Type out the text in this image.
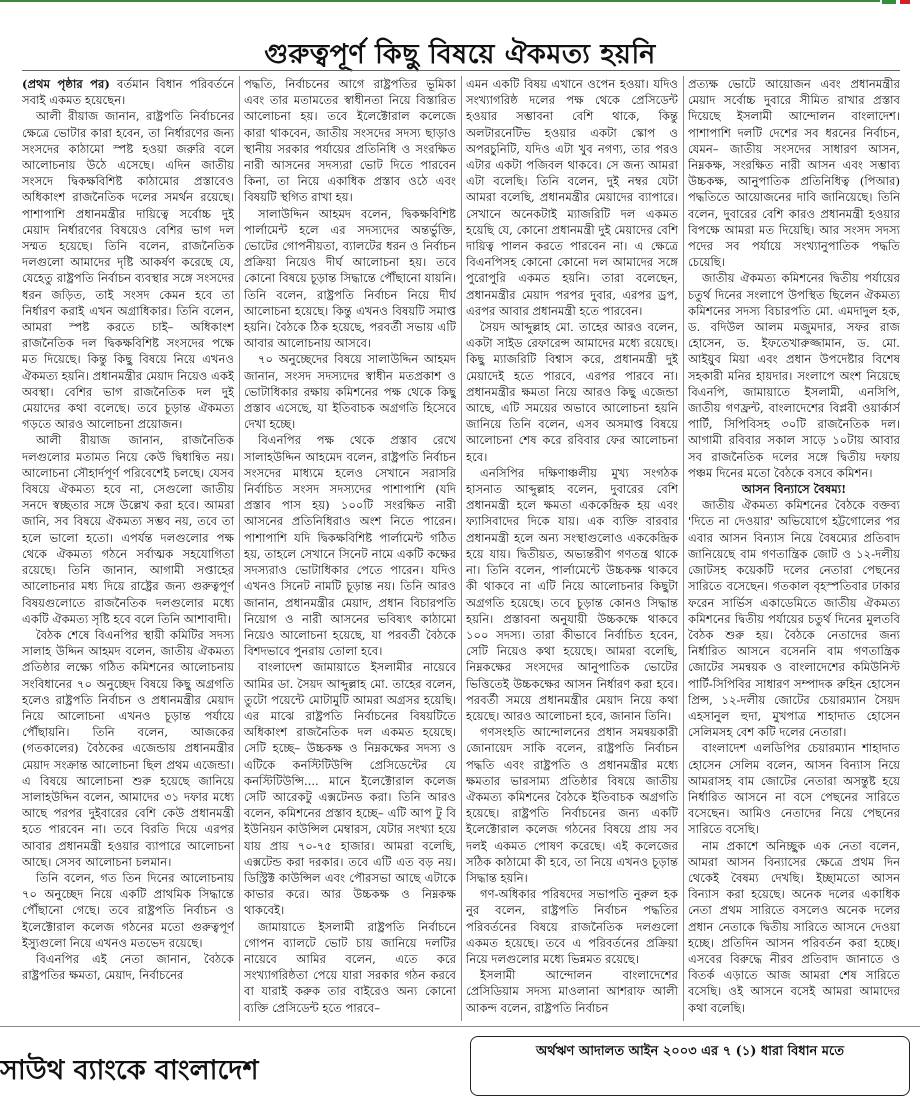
গুরুত্বপূর্ণ কিছু বিষয়ে ঐকমত্য হয়নি

(প্রথম পৃষ্ঠার পর) বর্তমান বিধান পরিবর্তনে সবাই একমত হয়েছেন।

আলী রীয়াজ জানান, রাষ্ট্রপতি নির্বাচনের ক্ষেত্রে ভোটার কারা হবেন, তা নির্ধারণের জন্য সংসদের কাঠামো স্পষ্ট হওয়া জরুরি বলে আলোচনায় উঠে এসেছে। এদিন জাতীয় সংসদে দ্বিকক্ষবিশিষ্ট কাঠামোর প্রস্তাবেও অধিকাংশ রাজনৈতিক দলের সমর্থন রয়েছে। পাশাপাশি প্রধানমন্ত্রীর দায়িত্বে সর্বোচ্চ দুই মেয়াদ নির্ধারণের বিষয়েও বেশির ভাগ দল সম্মত হয়েছে। তিনি বলেন, রাজনৈতিক দলগুলো আমাদের দৃষ্টি আকর্ষণ করেছে যে, যেহেতু রাষ্ট্রপতি নির্বাচন ব্যবস্থার সঙ্গে সংসদের ধরন জড়িত, তাই সংসদ কেমন হবে তা নির্ধারণ করাই এখন অগ্রাধিকার। তিনি বলেন, আমরা স্পষ্ট করতে চাই– অধিকাংশ রাজনৈতিক দল দ্বিকক্ষবিশিষ্ট সংসদের পক্ষে মত দিয়েছে। কিন্তু কিছু বিষয়ে নিয়ে এখনও ঐকমত্য হয়নি। প্রধানমন্ত্রীর মেয়াদ নিয়েও একই অবস্থা। বেশির ভাগ রাজনৈতিক দল দুই মেয়াদের কথা বলেছে। তবে চূড়ান্ত ঐকমত্য গড়তে আরও আলোচনা প্রয়োজন।

আলী রীয়াজ জানান, রাজনৈতিক দলগুলোর মতামত নিয়ে কেউ দ্বিধান্বিত নয়। আলোচনা সৌহার্দপূর্ণ পরিবেশেই চলছে। যেসব বিষয়ে ঐকমত্য হবে না, সেগুলো জাতীয় সনদে স্বচ্ছতার সঙ্গে উল্লেখ করা হবে। আমরা জানি, সব বিষয়ে ঐকমত্য সম্ভব নয়, তবে তা হলে ভালো হতো। এপর্যন্ত দলগুলোর পক্ষ থেকে ঐকমত্য গঠনে সর্বাত্মক সহযোগিতা রয়েছে। তিনি জানান, আগামী সপ্তাহের আলোচনার মধ্য দিয়ে রাষ্ট্রের জন্য গুরুত্বপূর্ণ বিষয়গুলোতে রাজনৈতিক দলগুলোর মধ্যে একটি ঐকমত্য সৃষ্টি হবে বলে তিনি আশাবাদী।

বৈঠক শেষে বিএনপির স্থায়ী কমিটির সদস্য সালাহ উদ্দিন আহমদ বলেন, জাতীয় ঐকমত্য প্রতিষ্ঠার লক্ষ্যে গঠিত কমিশনের আলোচনায় সংবিধানের ৭০ অনুচ্ছেদ বিষয়ে কিছু অগ্রগতি হলেও রাষ্ট্রপতি নির্বাচন ও প্রধানমন্ত্রীর মেয়াদ নিয়ে আলোচনা এখনও চূড়ান্ত পর্যায়ে পৌঁছায়নি। তিনি বলেন, আজকের (গতকালের) বৈঠকের এজেন্ডায় প্রধানমন্ত্রীর মেয়াদ সংক্রান্ত আলোচনা ছিল প্রথম এজেন্ডা। এ বিষয়ে আলোচনা শুরু হয়েছে জানিয়ে সালাহউদ্দিন বলেন, আমাদের ৩১ দফার মধ্যে আছে পরপর দুইবারের বেশি কেউ প্রধানমন্ত্রী হতে পারবেন না। তবে বিরতি দিয়ে এরপর আবার প্রধানমন্ত্রী হওয়ার ব্যাপারে আলোচনা আছে। সেসব আলোচনা চলমান।

তিনি বলেন, গত তিন দিনের আলোচনায় ৭০ অনুচ্ছেদ নিয়ে একটি প্রাথমিক সিদ্ধান্তে পৌঁছানো গেছে। তবে রাষ্ট্রপতি নির্বাচন ও ইলেক্টোরাল কলেজ গঠনের মতো গুরুত্বপূর্ণ ইস্যুগুলো নিয়ে এখনও মতভেদ রয়েছে।

বিএনপির এই নেতা জানান, বৈঠকে রাষ্ট্রপতির ক্ষমতা, মেয়াদ, নির্বাচনের

পদ্ধতি, নির্বাচনের আগে রাষ্ট্রপতির ভূমিকা এবং তার মতামতের স্বাধীনতা নিয়ে বিস্তারিত আলোচনা হয়। তবে ইলেক্টোরাল কলেজে কারা থাকবেন, জাতীয় সংসদের সদস্য ছাড়াও স্থানীয় সরকার পর্যায়ের প্রতিনিধি ও সংরক্ষিত নারী আসনের সদস্যরা ভোট দিতে পারবেন কিনা, তা নিয়ে একাধিক প্রস্তাব ওঠে এবং বিষয়টি স্থগিত রাখা হয়।

সালাউদ্দিন আহমদ বলেন, দ্বিকক্ষবিশিষ্ট পার্লামেন্ট হলে এর সদস্যদের অন্তর্ভুক্তি, ভোটের গোপনীয়তা, ব্যালটের ধরন ও নির্বাচন প্রক্রিয়া নিয়েও দীর্ঘ আলোচনা হয়। তবে কোনো বিষয়ে চূড়ান্ত সিদ্ধান্তে পৌঁছানো যায়নি। তিনি বলেন, রাষ্ট্রপতি নির্বাচন নিয়ে দীর্ঘ আলোচনা হয়েছে। কিন্তু এখনও বিষয়টি সমাপ্ত হয়নি। বৈঠকে ঠিক হয়েছে, পরবর্তী সভায় এটি আবার আলোচনায় আসবে।

৭০ অনুচ্ছেদের বিষয়ে সালাউদ্দিন আহমদ জানান, সংসদ সদস্যদের স্বাধীন মতপ্রকাশ ও ভোটাধিকার রক্ষায় কমিশনের পক্ষ থেকে কিছু প্রস্তাব এসেছে, যা ইতিবাচক অগ্রগতি হিসেবে দেখা হচ্ছে।

বিএনপির পক্ষ থেকে প্রস্তাব রেখে সালাহউদ্দিন আহমেদ বলেন, রাষ্ট্রপতি নির্বাচন সংসদের মাধ্যমে হলেও সেখানে সরাসরি নির্বাচিত সংসদ সদস্যদের পাশাপাশি (যদি প্রস্তাব পাস হয়) ১০০টি সংরক্ষিত নারী আসনের প্রতিনিধিরাও অংশ নিতে পারেন। পাশাপাশি যদি দ্বিকক্ষবিশিষ্ট পার্লামেন্ট গঠিত হয়, তাহলে সেখানে সিনেট নামে একটি কক্ষের সদস্যরাও ভোটাধিকার পেতে পারেন। যদিও এখনও সিনেট নামটি চূড়ান্ত নয়। তিনি আরও জানান, প্রধানমন্ত্রীর মেয়াদ, প্রধান বিচারপতি নিয়োগ ও নারী আসনের ভবিষ্যৎ কাঠামো নিয়েও আলোচনা হয়েছে, যা পরবর্তী বৈঠকে বিশদভাবে পুনরায় তোলা হবে।

বাংলাদেশ জামায়াতে ইসলামীর নায়েবে আমির ডা. সৈয়দ আব্দুল্লাহ মো. তাহের বলেন, তুটো পয়েন্টে মোটামুটি আমরা অগ্রসর হয়েছি। এর মাঝে রাষ্ট্রপতি নির্বাচনের বিষয়টিতে অধিকাংশ রাজনৈতিক দল একমত হয়েছে। সেটি হচ্ছে– উচ্চকক্ষ ও নিম্নকক্ষের সদস্য ও এটিকে কনস্টিটিউন্সি প্রেসিডেন্টের যে কনস্টিটিউন্সি.... মানে ইলেক্টোরাল কলেজ সেটি আরেকটু এক্সটেনড করা। তিনি আরও বলেন, কমিশনের প্রস্তাব হচ্ছে– এটি আপ টু বি ইউনিয়ন কাউন্সিল মেম্বারস, যেটার সংখ্যা হয়ে যায় প্রায় ৭০-৭৫ হাজার। আমরা বলেছি, এক্সটেন্ড করা দরকার। তবে এটি এত বড় নয়। ডিস্ট্রিক্ট কাউন্সিল এবং পৌরসভা আছে এটাকে কাভার করে। আর উচ্চকক্ষ ও নিম্নকক্ষ থাকবেই।

জামায়াতে ইসলামী রাষ্ট্রপতি নির্বাচনে গোপন ব্যালটে ভোট চায় জানিয়ে দলটির নায়েবে আমির বলেন, এতে করে সংখ্যাগরিষ্ঠতা পেয়ে যারা সরকার গঠন করবে বা যারাই করুক তার বাইরেও অন্য কোনো ব্যক্তি প্রেসিডেন্ট হতে পারবে–

এমন একটি বিষয় এখানে ওপেন হওয়া। যদিও সংখ্যাগরিষ্ঠ দলের পক্ষ থেকে প্রেসিডেন্ট হওয়ার সম্ভাবনা বেশি থাকে, কিন্তু অলটারনেটিভ হওয়ার একটা স্কোপ ও অপরচুনিটি, যদিও এটা খুব নগণ্য, তার পরও এটার একটা পজিবল থাকবে। সে জন্য আমরা এটা বলেছি। তিনি বলেন, দুই নম্বর যেটা আমরা বলেছি, প্রধানমন্ত্রীর মেয়াদের ব্যাপারে। সেখানে অনেকটাই ম্যাজরিটি দল একমত হয়েছি যে, কোনো প্রধানমন্ত্রী দুই মেয়াদের বেশি দায়িত্ব পালন করতে পারবেন না। এ ক্ষেত্রে বিএনপিসহ কোনো কোনো দল আমাদের সঙ্গে পুরোপুরি একমত হয়নি। তারা বলেছেন, প্রধানমন্ত্রীর মেয়াদ পরপর দুবার, এরপর ড্রপ, এরপর আবার প্রধানমন্ত্রী হতে পারবেন।

সৈয়দ আব্দুল্লাহ মো. তাহের আরও বলেন, একটা সাইড রেফারেন্স আমাদের মধ্যে রয়েছে। কিছু ম্যাজরিটি বিশ্বাস করে, প্রধানমন্ত্রী দুই মেয়াদেই হতে পারবে, এরপর পারবে না। প্রধানমন্ত্রীর ক্ষমতা নিয়ে আরও কিছু এজেন্ডা আছে, এটি সময়ের অভাবে আলোচনা হয়নি জানিয়ে তিনি বলেন, এসব অসমাপ্ত বিষয়ে আলোচনা শেষ করে রবিবার ফের আলোচনা হবে।

এনসিপির দক্ষিণাঞ্চলীয় মুখ্য সংগঠক হাসনাত আব্দুল্লাহ বলেন, দুবারের বেশি প্রধানমন্ত্রী হলে ক্ষমতা এককেন্দ্রিক হয় এবং ফ্যাসিবাদের দিকে যায়। এক ব্যক্তি বারবার প্রধানমন্ত্রী হলে অন্য সংস্থাগুলোও এককেন্দ্রিক হয়ে যায়। দ্বিতীয়ত, অভ্যন্তরীণ গণতন্ত্র থাকে না। তিনি বলেন, পার্লামেন্টে উচ্চকক্ষ থাকবে কী থাকবে না এটি নিয়ে আলোচনার কিছুটা অগ্রগতি হয়েছে। তবে চূড়ান্ত কোনও সিদ্ধান্ত হয়নি। প্রস্তাবনা অনুযায়ী উচ্চকক্ষে থাকবে ১০০ সদস্য। তারা কীভাবে নির্বাচিত হবেন, সেটি নিয়েও কথা হয়েছে। আমরা বলেছি, নিম্নকক্ষের সংসদের আনুপাতিক ভোটের ভিত্তিতেই উচ্চকক্ষের আসন নির্ধারণ করা হবে। পরবর্তী সময়ে প্রধানমন্ত্রীর মেয়াদ নিয়ে কথা হয়েছে। আরও আলোচনা হবে, জানান তিনি।

গণসংহতি আন্দোলনের প্রধান সমন্বয়কারী জোনায়েদ সাকি বলেন, রাষ্ট্রপতি নির্বাচন পদ্ধতি এবং রাষ্ট্রপতি ও প্রধানমন্ত্রীর মধ্যে ক্ষমতার ভারসাম্য প্রতিষ্ঠার বিষয়ে জাতীয় ঐকমত্য কমিশনের বৈঠকে ইতিবাচক অগ্রগতি হয়েছে। রাষ্ট্রপতি নির্বাচনের জন্য একটি ইলেক্টোরাল কলেজ গঠনের বিষয়ে প্রায় সব দলই একমত পোষণ করেছে। এই কলেজের সঠিক কাঠামো কী হবে, তা নিয়ে এখনও চূড়ান্ত সিদ্ধান্ত হয়নি।

গণ-অধিকার পরিষদের সভাপতি নুরুল হক নুর বলেন, রাষ্ট্রপতি নির্বাচন পদ্ধতির পরিবর্তনের বিষয়ে রাজনৈতিক দলগুলো একমত হয়েছে। তবে এ পরিবর্তনের প্রক্রিয়া নিয়ে দলগুলোর মধ্যে ভিন্নমত রয়েছে।

ইসলামী আন্দোলন বাংলাদেশের প্রেসিডিয়াম সদস্য মাওলানা আশরাফ আলী আকন্দ বলেন, রাষ্ট্রপতি নির্বাচন

প্রত্যক্ষ ভোটে আয়োজন এবং প্রধানমন্ত্রীর মেয়াদ সর্বোচ্চ দুবারে সীমিত রাখার প্রস্তাব দিয়েছে ইসলামী আন্দোলন বাংলাদেশ। পাশাপাশি দলটি দেশের সব ধরনের নির্বাচন, যেমন– জাতীয় সংসদের সাধারণ আসন, নিম্নকক্ষ, সংরক্ষিত নারী আসন এবং সম্ভাব্য উচ্চকক্ষ, আনুপাতিক প্রতিনিধিত্ব (পিআর) পদ্ধতিতে আয়োজনের দাবি জানিয়েছে। তিনি বলেন, দুবারের বেশি কারও প্রধানমন্ত্রী হওয়ার বিপক্ষে আমরা মত দিয়েছি। আর সংসদ সদস্য পদের সব পর্যায়ে সংখ্যানুপাতিক পদ্ধতি চেয়েছি।

জাতীয় ঐকমত্য কমিশনের দ্বিতীয় পর্যায়ের চতুর্থ দিনের সংলাপে উপস্থিত ছিলেন ঐকমত্য কমিশনের সদস্য বিচারপতি মো. এমদাদুল হক, ড. বদিউল আলম মজুমদার, সফর রাজ হোসেন, ড. ইফতেখারুজ্জামান, ড. মো. আইয়ুব মিয়া এবং প্রধান উপদেষ্টার বিশেষ সহকারী মনির হায়দার। সংলাপে অংশ নিয়েছে বিএনপি, জামায়াতে ইসলামী, এনসিপি, জাতীয় গণফ্রন্ট, বাংলাদেশের বিপ্লবী ওয়ার্কার্স পার্টি, সিপিবিসহ ৩০টি রাজনৈতিক দল। আগামী রবিবার সকাল সাড়ে ১০টায় আবার সব রাজনৈতিক দলের সঙ্গে দ্বিতীয় দফায় পঞ্চম দিনের মতো বৈঠকে বসবে কমিশন।

আসন বিন্যাসে বৈষম্য!

জাতীয় ঐকমত্য কমিশনের বৈঠকে বক্তব্য 'দিতে না দেওয়ার' অভিযোগে হট্টগোলের পর এবার আসন বিন্যাস নিয়ে বৈষম্যের প্রতিবাদ জানিয়েছে বাম গণতান্ত্রিক জোট ও ১২-দলীয় জোটসহ কয়েকটি দলের নেতারা পেছনের সারিতে বসেছেন। গতকাল বৃহস্পতিবার ঢাকার ফরেন সার্ভিস একাডেমিতে জাতীয় ঐকমত্য কমিশনের দ্বিতীয় পর্যায়ের চতুর্থ দিনের মুলতবি বৈঠক শুরু হয়। বৈঠকে নেতাদের জন্য নির্ধারিত আসনে বসেননি বাম গণতান্ত্রিক জোটের সমন্বয়ক ও বাংলাদেশের কমিউনিস্ট পার্টি-সিপিবির সাধারণ সম্পাদক রুহিন হোসেন প্রিন্স, ১২-দলীয় জোটের চেয়ারম্যান সৈয়দ এহসানুল হুদা, মুখপাত্র শাহাদাত হোসেন সেলিমসহ বেশ কটি দলের নেতারা।

বাংলাদেশ এলডিপির চেয়ারম্যান শাহাদাত হোসেন সেলিম বলেন, আসন বিন্যাস নিয়ে আমরাসহ বাম জোটের নেতারা অসন্তুষ্ট হয়ে নির্ধারিত আসনে না বসে পেছনের সারিতে বসেছেন। আমিও নেতাদের নিয়ে পেছনের সারিতে বসেছি।

নাম প্রকাশে অনিচ্ছুক এক নেতা বলেন, আমরা আসন বিন্যাসের ক্ষেত্রে প্রথম দিন থেকেই বৈষম্য দেখছি। ইচ্ছামতো আসন বিন্যাস করা হয়েছে। অনেক দলের একাধিক নেতা প্রথম সারিতে বসলেও অনেক দলের প্রধান নেতাকে দ্বিতীয় সারিতে আসনে দেওয়া হচ্ছে। প্রতিদিন আসন পরিবর্তন করা হচ্ছে। এসবের বিরুদ্ধে নীরব প্রতিবাদ জানাতে ও বিতর্ক এড়াতে আজ আমরা শেষ সারিতে বসেছি। ওই আসনে বসেই আমরা আমাদের কথা বলেছি।

সাউথ ব্যাংকে বাংলাদেশ
অর্থঋণ আদালত আইন ২০০৩ এর ৭ (১) ধারা বিধান মতে
